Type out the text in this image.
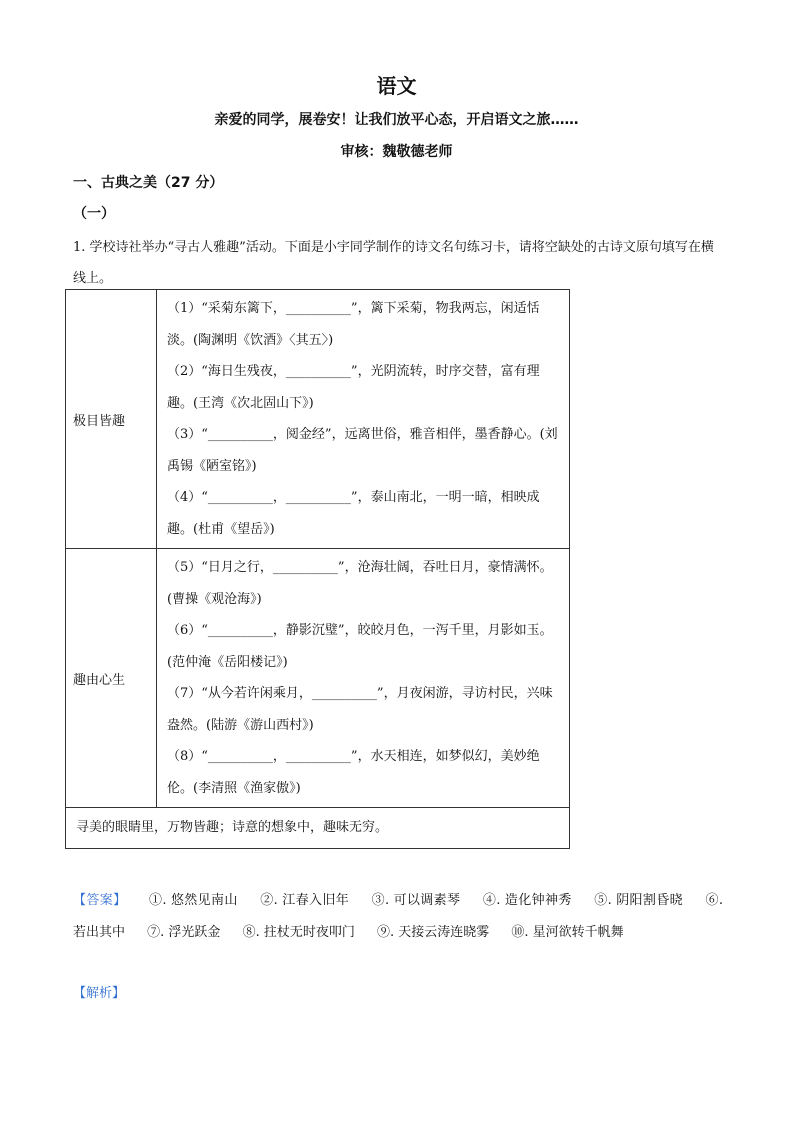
语文
亲爱的同学，展卷安！让我们放平心态，开启语文之旅……
审核：魏敬德老师
一、古典之美（27 分）
（一）
1. 学校诗社举办“寻古人雅趣”活动。下面是小宇同学制作的诗文名句练习卡，请将空缺处的古诗文原句填写在横线上。
极目皆趣	（1）“采菊东篱下，__________”，篱下采菊，物我两忘，闲适恬淡。(陶渊明《饮酒》〈其五〉)
（2）“海日生残夜，__________”，光阴流转，时序交替，富有理趣。(王湾《次北固山下》)
（3）“__________，阅金经”，远离世俗，雅音相伴，墨香静心。(刘禹锡《陋室铭》)
（4）“__________，__________”，泰山南北，一明一暗，相映成趣。(杜甫《望岳》)

趣由心生	（5）“日月之行，__________”，沧海壮阔，吞吐日月，豪情满怀。(曹操《观沧海》)
（6）“__________，静影沉璧”，皎皎月色，一泻千里，月影如玉。(范仲淹《岳阳楼记》)
（7）“从今若许闲乘月，__________”，月夜闲游，寻访村民，兴味盎然。(陆游《游山西村》)
（8）“__________，__________”，水天相连，如梦似幻，美妙绝伦。(李清照《渔家傲》)

寻美的眼睛里，万物皆趣；诗意的想象中，趣味无穷。	
【答案】 ①. 悠然见南山 ②. 江春入旧年 ③. 可以调素琴 ④. 造化钟神秀 ⑤. 阴阳割昏晓 ⑥. 若出其中 ⑦. 浮光跃金 ⑧. 拄杖无时夜叩门 ⑨. 天接云涛连晓雾 ⑩. 星河欲转千帆舞
【解析】
